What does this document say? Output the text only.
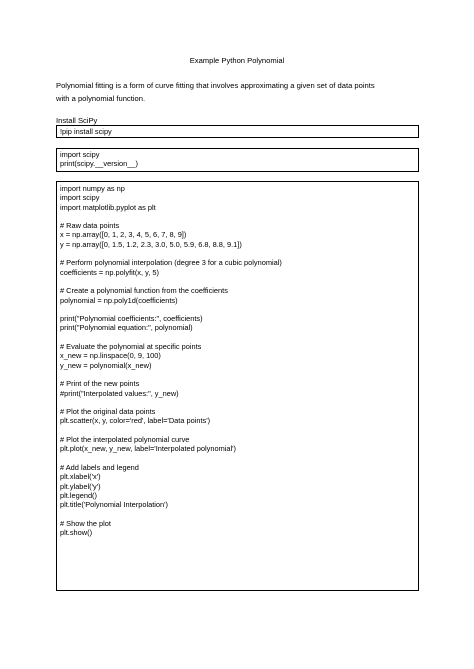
Example Python Polynomial

Polynomial fitting is a form of curve fitting that involves approximating a given set of data points
with a polynomial function.

Install SciPy
!pip install scipy
import scipy
print(scipy.__version__)
import numpy as np
import scipy
import matplotlib.pyplot as plt
# Raw data points
x = np.array([0, 1, 2, 3, 4, 5, 6, 7, 8, 9])
y = np.array([0, 1.5, 1.2, 2.3, 3.0, 5.0, 5.9, 6.8, 8.8, 9.1])
# Perform polynomial interpolation (degree 3 for a cubic polynomial)
coefficients = np.polyfit(x, y, 5)
# Create a polynomial function from the coefficients
polynomial = np.poly1d(coefficients)
print("Polynomial coefficients:", coefficients)
print("Polynomial equation:", polynomial)
# Evaluate the polynomial at specific points
x_new = np.linspace(0, 9, 100)
y_new = polynomial(x_new)
# Print of the new points
#print("Interpolated values:", y_new)
# Plot the original data points
plt.scatter(x, y, color='red', label='Data points')
# Plot the interpolated polynomial curve
plt.plot(x_new, y_new, label='Interpolated polynomial')
# Add labels and legend
plt.xlabel('x')
plt.ylabel('y')
plt.legend()
plt.title('Polynomial Interpolation')
# Show the plot
plt.show()
